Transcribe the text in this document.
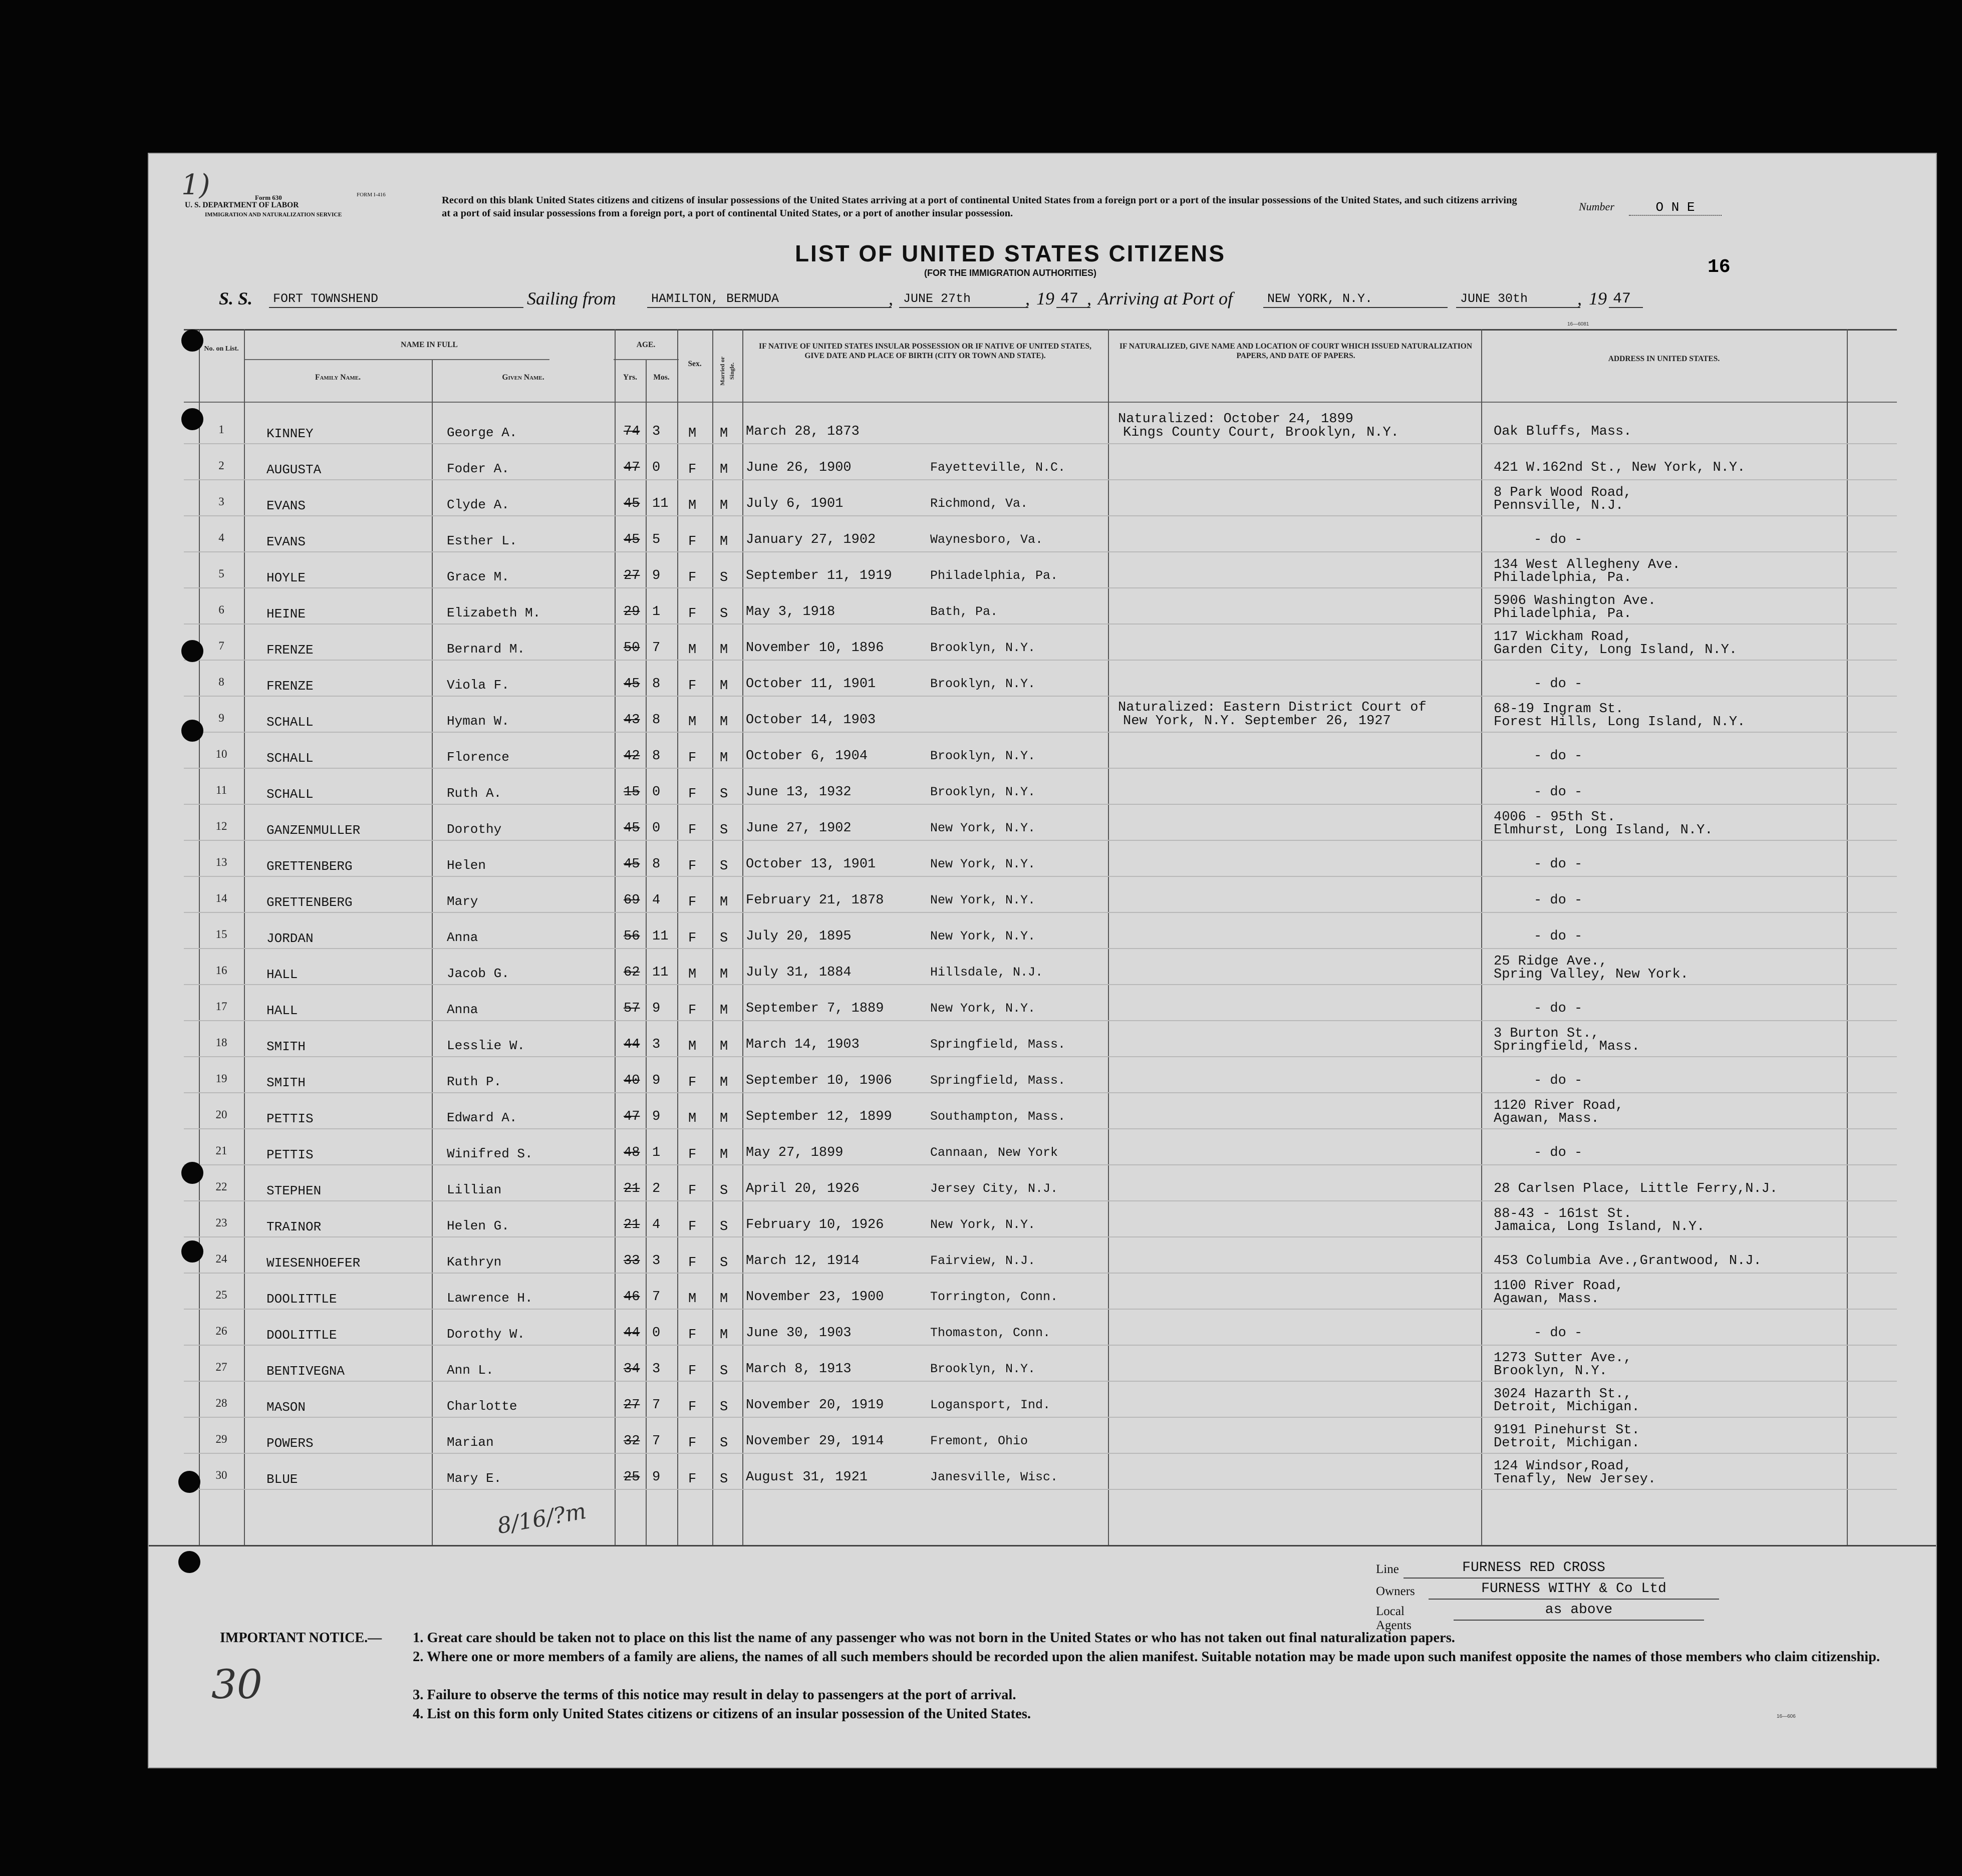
1)	Form 630	FORM I-416
U. S. DEPARTMENT OF LABOR
IMMIGRATION AND NATURALIZATION SERVICE
Record on this blank United States citizens and citizens of insular possessions of the United States arriving at a port of continental United States from a foreign port or a port of the insular possessions of the United States, and such citizens arriving at a port of said insular possessions from a foreign port, a port of continental United States, or a port of another insular possession.
Number	O N E
16
LIST OF UNITED STATES CITIZENS
(FOR THE IMMIGRATION AUTHORITIES)
S. S.	FORT TOWNSHEND	Sailing from	HAMILTON, BERMUDA	, JUNE 27th	, 19 47 , Arriving at Port of	NEW YORK, N.Y.	JUNE 30th	, 19 47
16—6081
No. on List.	NAME IN FULL
Family Name.	Given Name.
AGE.
Yrs.	Mos.
Sex.	Married or Single.
IF NATIVE OF UNITED STATES INSULAR POSSESSION OR IF NATIVE OF UNITED STATES, GIVE DATE AND PLACE OF BIRTH (CITY OR TOWN AND STATE).
IF NATURALIZED, GIVE NAME AND LOCATION OF COURT WHICH ISSUED NATURALIZATION PAPERS, AND DATE OF PAPERS.	ADDRESS IN UNITED STATES.
1	KINNEY	George A.	74 3 M M March 28, 1873
Naturalized: October 24, 1899
Kings County Court, Brooklyn, N.Y.	Oak Bluffs, Mass.
2	AUGUSTA	Foder A.	47 0 F M June 26, 1900	Fayetteville, N.C.	421 W.162nd St., New York, N.Y.
3	EVANS	Clyde A.	45 11 M M July 6, 1901	Richmond, Va.
8 Park Wood Road,
Pennsville, N.J.
4	EVANS	Esther L.	45 5 F M January 27, 1902	Waynesboro, Va.	- do -
5	HOYLE	Grace M.	27 9 F S September 11, 1919	Philadelphia, Pa.
134 West Allegheny Ave.
Philadelphia, Pa.
6	HEINE	Elizabeth M.	29 1 F S May 3, 1918	Bath, Pa.
5906 Washington Ave.
Philadelphia, Pa.
7	FRENZE	Bernard M.	50 7 M M November 10, 1896	Brooklyn, N.Y.
117 Wickham Road,
Garden City, Long Island, N.Y.
8	FRENZE	Viola F.	45 8 F M October 11, 1901	Brooklyn, N.Y.	- do -
9	SCHALL	Hyman W.	43 8 M M October 14, 1903
Naturalized: Eastern District Court of
New York, N.Y. September 26, 1927
68-19 Ingram St.
Forest Hills, Long Island, N.Y.
10	SCHALL	Florence	42 8 F M October 6, 1904	Brooklyn, N.Y.	- do -
11	SCHALL	Ruth A.	15 0 F S June 13, 1932	Brooklyn, N.Y.	- do -
12	GANZENMULLER	Dorothy	45 0 F S June 27, 1902	New York, N.Y.
4006 - 95th St.
Elmhurst, Long Island, N.Y.
13	GRETTENBERG	Helen	45 8 F S October 13, 1901	New York, N.Y.	- do -
14	GRETTENBERG	Mary	69 4 F M February 21, 1878	New York, N.Y.	- do -
15	JORDAN	Anna	56 11 F S July 20, 1895	New York, N.Y.	- do -
16	HALL	Jacob G.	62 11 M M July 31, 1884	Hillsdale, N.J.
25 Ridge Ave.,
Spring Valley, New York.
17	HALL	Anna	57 9 F M September 7, 1889	New York, N.Y.	- do -
18	SMITH	Lesslie W.	44 3 M M March 14, 1903	Springfield, Mass.
3 Burton St.,
Springfield, Mass.
19	SMITH	Ruth P.	40 9 F M September 10, 1906	Springfield, Mass.	- do -
20	PETTIS	Edward A.	47 9 M M September 12, 1899	Southampton, Mass.
1120 River Road,
Agawan, Mass.
21	PETTIS	Winifred S.	48 1 F M May 27, 1899	Cannaan, New York	- do -
22	STEPHEN	Lillian	21 2 F S April 20, 1926	Jersey City, N.J.	28 Carlsen Place, Little Ferry,N.J.
23	TRAINOR	Helen G.	21 4 F S February 10, 1926	New York, N.Y.
88-43 - 161st St.
Jamaica, Long Island, N.Y.
24	WIESENHOEFER	Kathryn	33 3 F S March 12, 1914	Fairview, N.J.	453 Columbia Ave.,Grantwood, N.J.
25	DOOLITTLE	Lawrence H.	46 7 M M November 23, 1900	Torrington, Conn.
1100 River Road,
Agawan, Mass.
26	DOOLITTLE	Dorothy W.	44 0 F M June 30, 1903	Thomaston, Conn.	- do -
27	BENTIVEGNA	Ann L.	34 3 F S March 8, 1913	Brooklyn, N.Y.
1273 Sutter Ave.,
Brooklyn, N.Y.
28	MASON	Charlotte	27 7 F S November 20, 1919	Logansport, Ind.
3024 Hazarth St.,
Detroit, Michigan.
29	POWERS	Marian	32 7 F S November 29, 1914	Fremont, Ohio
9191 Pinehurst St.
Detroit, Michigan.
30	BLUE	Mary E.	25 9 F S August 31, 1921	Janesville, Wisc.
124 Windsor,Road,
Tenafly, New Jersey.
8/16/?m
Line	FURNESS RED CROSS
Owners	FURNESS WITHY & Co Ltd
Local Agents
as above
IMPORTANT NOTICE.— 1. Great care should be taken not to place on this list the name of any passenger who was not born in the United States or who has not taken out final naturalization papers.
2. Where one or more members of a family are aliens, the names of all such members should be recorded upon the alien manifest. Suitable notation may be made upon such manifest opposite the names of those members who claim citizenship.
3. Failure to observe the terms of this notice may result in delay to passengers at the port of arrival.
4. List on this form only United States citizens or citizens of an insular possession of the United States.
30
16—606
